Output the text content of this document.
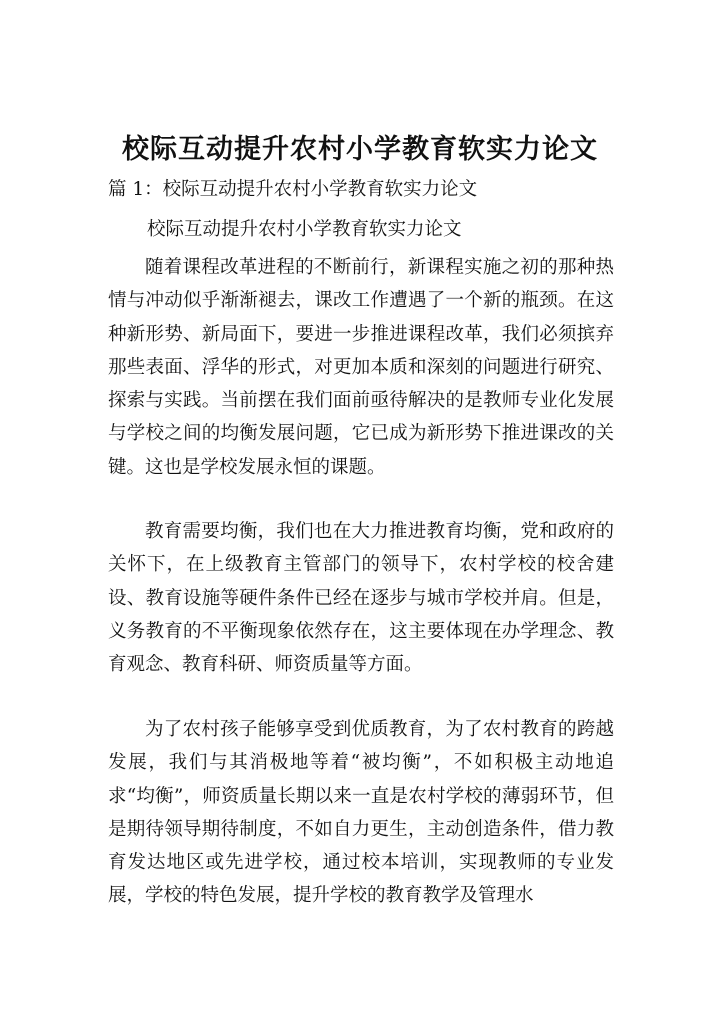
校际互动提升农村小学教育软实力论文
篇 1：校际互动提升农村小学教育软实力论文
校际互动提升农村小学教育软实力论文

随着课程改革进程的不断前行，新课程实施之初的那种热情与冲动似乎渐渐褪去，课改工作遭遇了一个新的瓶颈。在这种新形势、新局面下，要进一步推进课程改革，我们必须摈弃那些表面、浮华的形式，对更加本质和深刻的问题进行研究、探索与实践。当前摆在我们面前亟待解决的是教师专业化发展与学校之间的均衡发展问题，它已成为新形势下推进课改的关键。这也是学校发展永恒的课题。

教育需要均衡，我们也在大力推进教育均衡，党和政府的关怀下，在上级教育主管部门的领导下，农村学校的校舍建设、教育设施等硬件条件已经在逐步与城市学校并肩。但是，义务教育的不平衡现象依然存在，这主要体现在办学理念、教育观念、教育科研、师资质量等方面。

为了农村孩子能够享受到优质教育，为了农村教育的跨越发展，我们与其消极地等着“被均衡”，不如积极主动地追求“均衡”，师资质量长期以来一直是农村学校的薄弱环节，但是期待领导期待制度，不如自力更生，主动创造条件，借力教育发达地区或先进学校，通过校本培训，实现教师的专业发展，学校的特色发展，提升学校的教育教学及管理水
